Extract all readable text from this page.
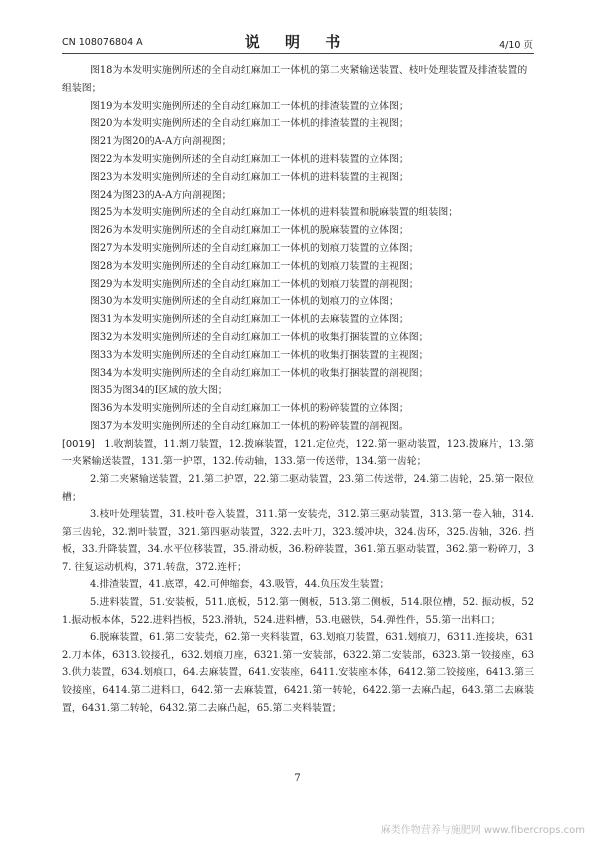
CN 108076804 A	说 明 书	4/10 页
图18为本发明实施例所述的全自动红麻加工一体机的第二夹紧输送装置、枝叶处理装置及排渣装置的组装图；
图19为本发明实施例所述的全自动红麻加工一体机的排渣装置的立体图；
图20为本发明实施例所述的全自动红麻加工一体机的排渣装置的主视图；
图21为图20的A-A方向剖视图；
图22为本发明实施例所述的全自动红麻加工一体机的进料装置的立体图；
图23为本发明实施例所述的全自动红麻加工一体机的进料装置的主视图；
图24为图23的A-A方向剖视图；
图25为本发明实施例所述的全自动红麻加工一体机的进料装置和脱麻装置的组装图；
图26为本发明实施例所述的全自动红麻加工一体机的脱麻装置的立体图；
图27为本发明实施例所述的全自动红麻加工一体机的划痕刀装置的立体图；
图28为本发明实施例所述的全自动红麻加工一体机的划痕刀装置的主视图；
图29为本发明实施例所述的全自动红麻加工一体机的划痕刀装置的剖视图；
图30为本发明实施例所述的全自动红麻加工一体机的划痕刀的立体图；
图31为本发明实施例所述的全自动红麻加工一体机的去麻装置的立体图；
图32为本发明实施例所述的全自动红麻加工一体机的收集打捆装置的立体图；
图33为本发明实施例所述的全自动红麻加工一体机的收集打捆装置的主视图；
图34为本发明实施例所述的全自动红麻加工一体机的收集打捆装置的剖视图；
图35为图34的I区域的放大图；
图36为本发明实施例所述的全自动红麻加工一体机的粉碎装置的立体图；
图37为本发明实施例所述的全自动红麻加工一体机的粉碎装置的剖视图。

[0019] 1.收割装置，11.割刀装置，12.拨麻装置，121.定位壳，122.第一驱动装置，123.拨麻片，13.第一夹紧输送装置，131.第一护罩，132.传动轴，133.第一传送带，134.第一齿轮；

2.第二夹紧输送装置，21.第二护罩，22.第二驱动装置，23.第二传送带，24.第二齿轮，25.第一限位槽；

3.枝叶处理装置，31.枝叶卷入装置，311.第一安装壳，312.第三驱动装置，313.第一卷入轴，314.第三齿轮，32.割叶装置，321.第四驱动装置，322.去叶刀，323.缓冲块，324.齿环，325.齿轴，326. 挡板，33.升降装置，34.水平位移装置，35.滑动板，36.粉碎装置，361.第五驱动装置，362.第一粉碎刀，37. 往复运动机构，371.转盘，372.连杆；

4.排渣装置，41.底罩，42.可伸缩套，43.吸管，44.负压发生装置；

5.进料装置，51.安装板，511.底板，512.第一侧板，513.第二侧板，514.限位槽，52. 振动板，521.振动板本体，522.进料挡板，523.滑轨，524.进料槽，53.电磁铁，54.弹性件，55.第一出料口；

6.脱麻装置，61.第二安装壳，62.第一夹料装置，63.划痕刀装置，631.划痕刀，6311.连接块，6312.刀本体，6313.铰接孔，632.划痕刀座，6321.第一安装部，6322.第二安装部，6323.第一铰接座，633.供力装置，634.划痕口，64.去麻装置，641.安装座，6411.安装座本体，6412.第二铰接座，6413.第三铰接座，6414.第二进料口，642.第一去麻装置，6421.第一转轮，6422.第一去麻凸起，643.第二去麻装置，6431.第二转轮，6432.第二去麻凸起，65.第二夹料装置；

7
麻类作物营养与施肥网 www.fibercrops.com
